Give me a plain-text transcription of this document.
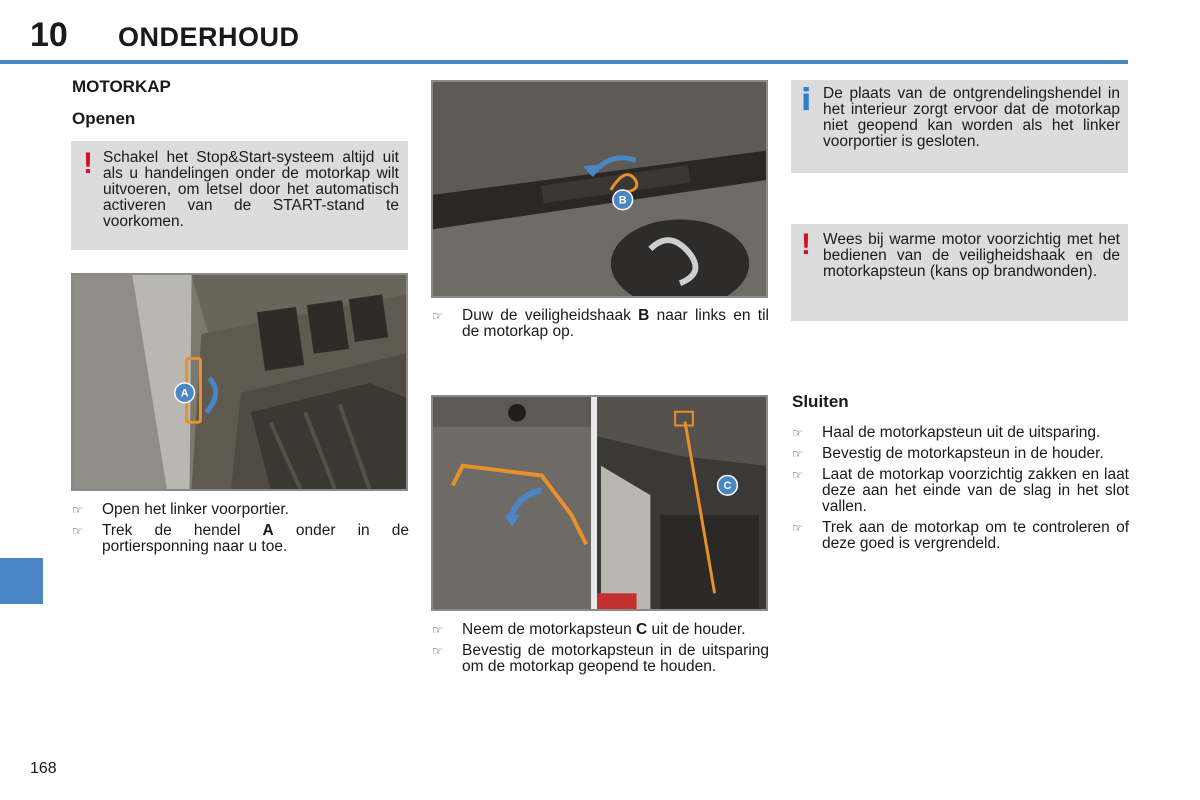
10 ONDERHOUD
168
MOTORKAP
Openen
! Schakel het Stop&Start-systeem altijd uit als u handelingen onder de motorkap wilt uitvoeren, om letsel door het automatisch activeren van de START-stand te voorkomen.
A
☞ Open het linker voorportier.
☞ Trek de hendel A onder in de portiersponning naar u toe.
B
☞ Duw de veiligheidshaak B naar links en til de motorkap op.
C
☞ Neem de motorkapsteun C uit de houder.
☞ Bevestig de motorkapsteun in de uitsparing om de motorkap geopend te houden.
i De plaats van de ontgrendelingshendel in het interieur zorgt ervoor dat de motorkap niet geopend kan worden als het linker voorportier is gesloten.
! Wees bij warme motor voorzichtig met het bedienen van de veiligheidshaak en de motorkapsteun (kans op brandwonden).
Sluiten
☞ Haal de motorkapsteun uit de uitsparing.
☞ Bevestig de motorkapsteun in de houder.
☞ Laat de motorkap voorzichtig zakken en laat deze aan het einde van de slag in het slot vallen.
☞ Trek aan de motorkap om te controleren of deze goed is vergrendeld.
